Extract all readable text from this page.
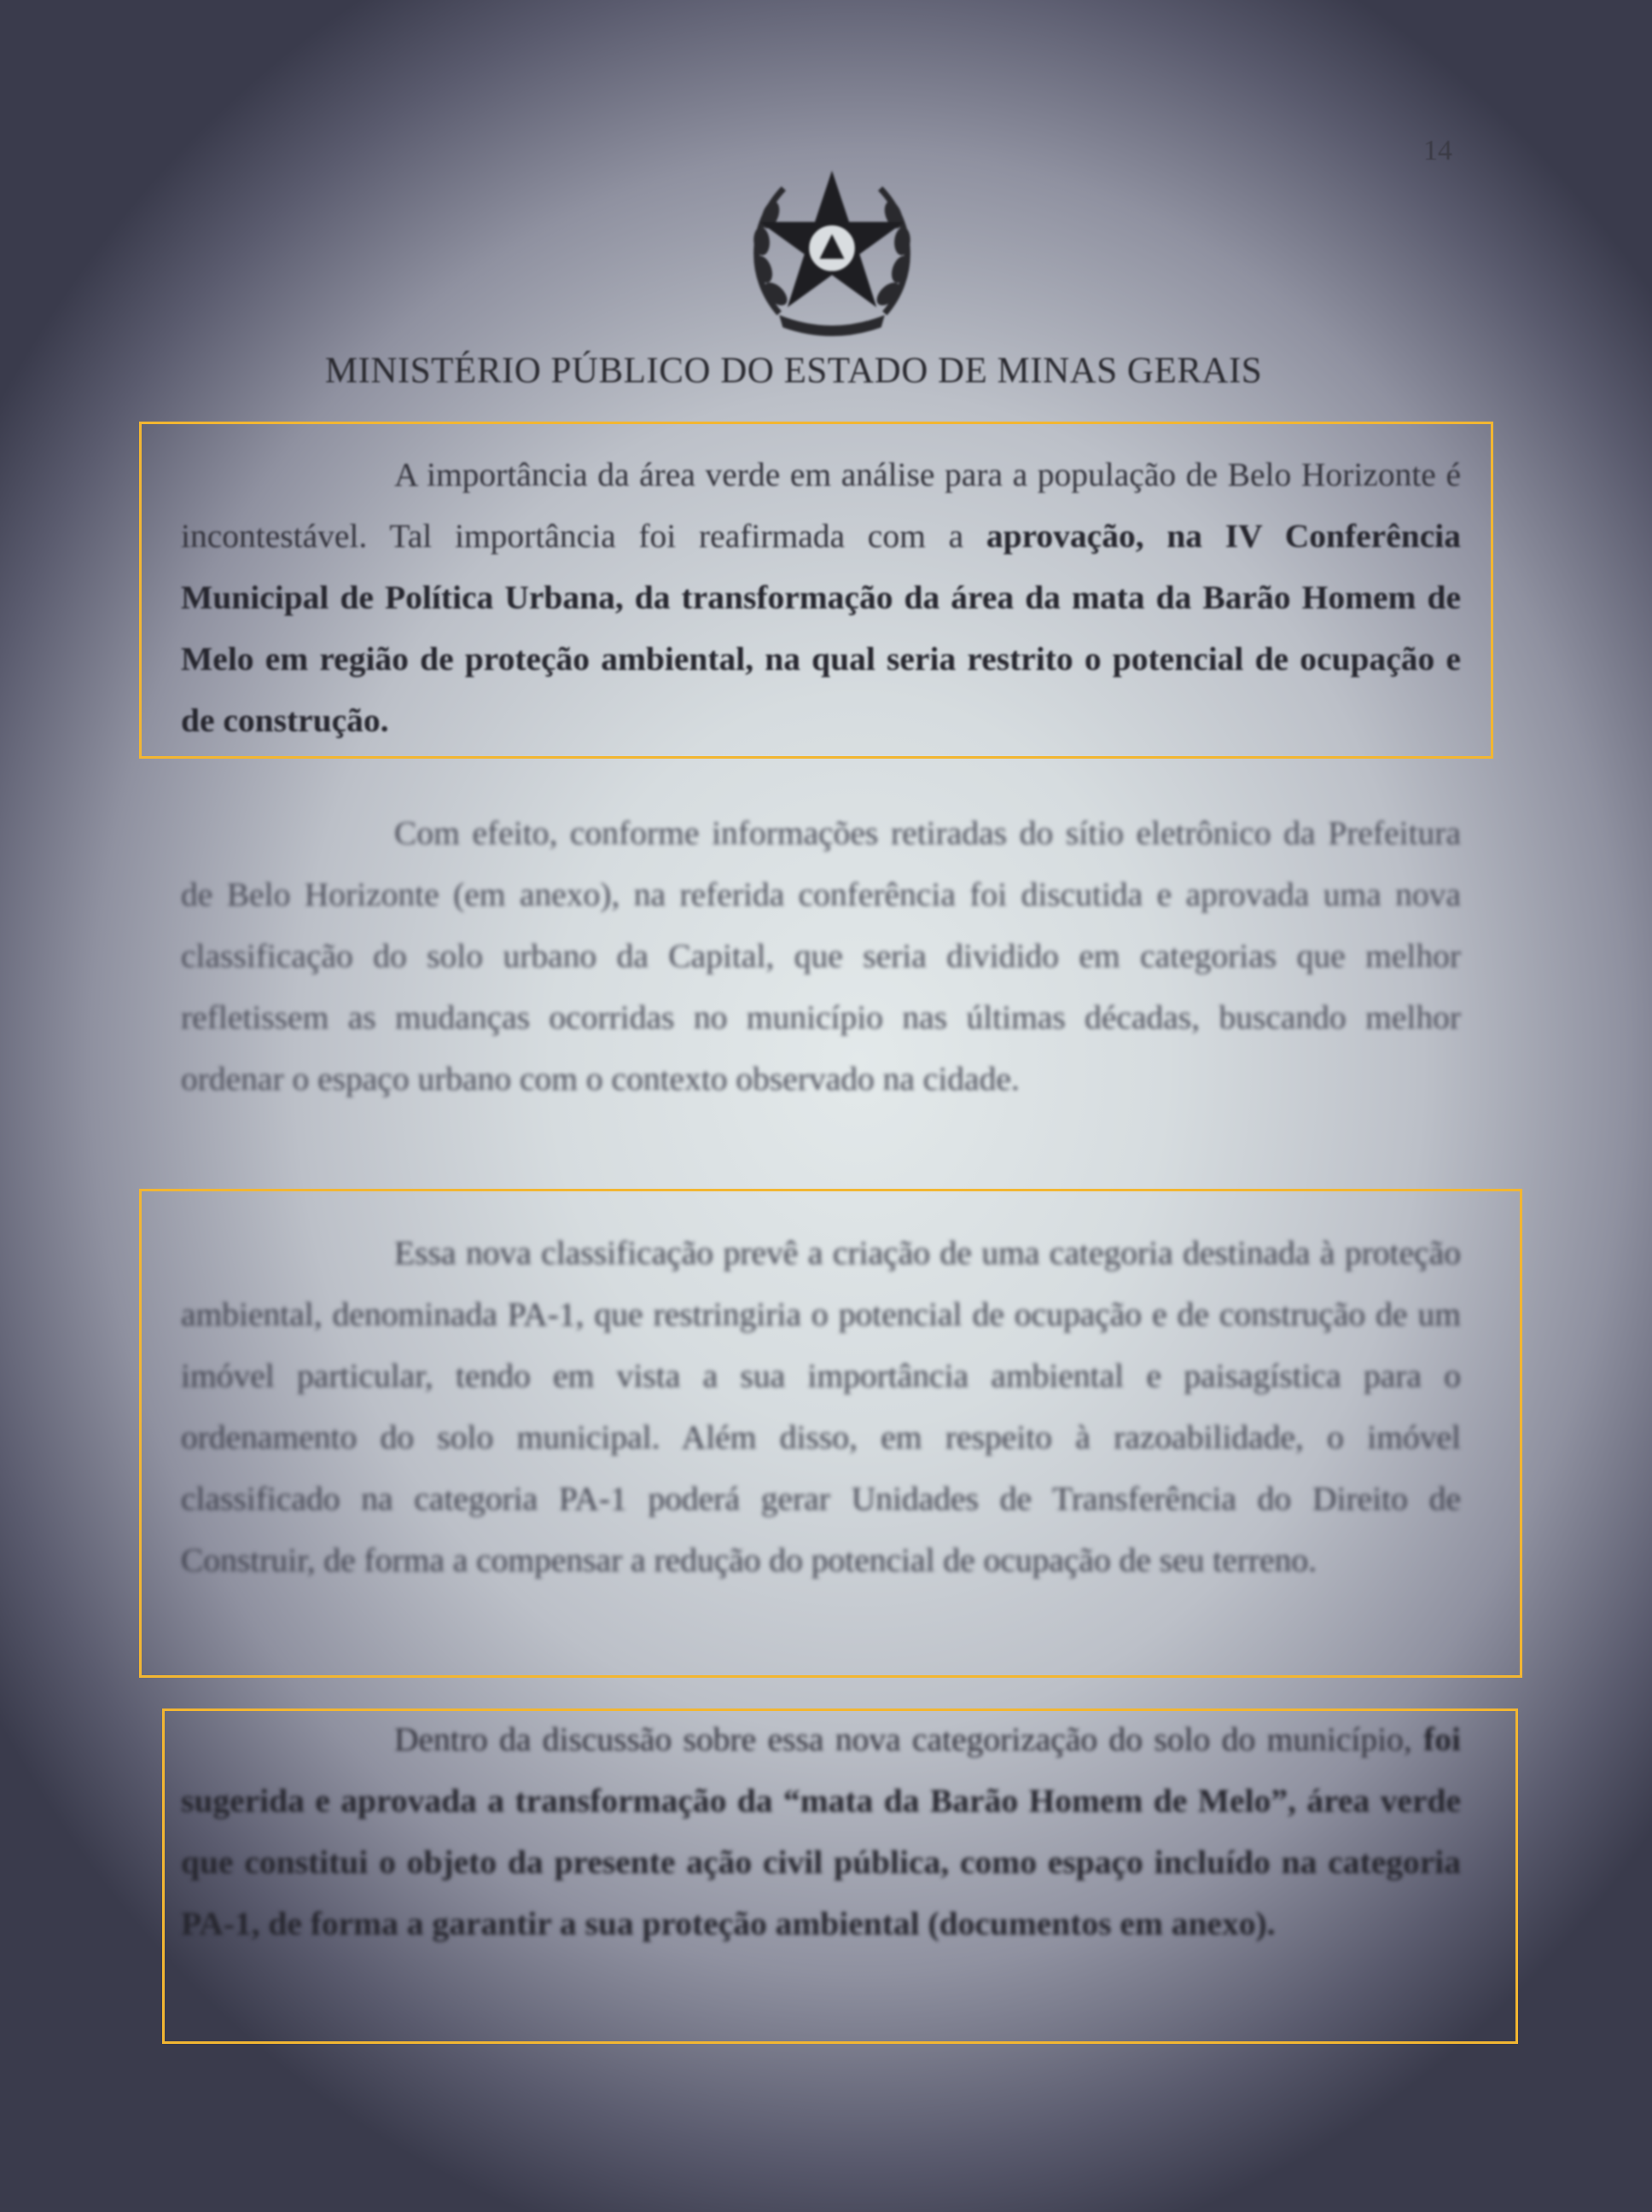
14
MINISTÉRIO PÚBLICO DO ESTADO DE MINAS GERAIS

A importância da área verde em análise para a população de Belo Horizonte é incontestável. Tal importância foi reafirmada com a aprovação, na IV Conferência Municipal de Política Urbana, da transformação da área da mata da Barão Homem de Melo em região de proteção ambiental, na qual seria restrito o potencial de ocupação e de construção.

Com efeito, conforme informações retiradas do sítio eletrônico da Prefeitura de Belo Horizonte (em anexo), na referida conferência foi discutida e aprovada uma nova classificação do solo urbano da Capital, que seria dividido em categorias que melhor refletissem as mudanças ocorridas no município nas últimas décadas, buscando melhor ordenar o espaço urbano com o contexto observado na cidade.

Essa nova classificação prevê a criação de uma categoria destinada à proteção ambiental, denominada PA-1, que restringiria o potencial de ocupação e de construção de um imóvel particular, tendo em vista a sua importância ambiental e paisagística para o ordenamento do solo municipal. Além disso, em respeito à razoabilidade, o imóvel classificado na categoria PA-1 poderá gerar Unidades de Transferência do Direito de Construir, de forma a compensar a redução do potencial de ocupação de seu terreno.

Dentro da discussão sobre essa nova categorização do solo do município, foi sugerida e aprovada a transformação da “mata da Barão Homem de Melo”, área verde que constitui o objeto da presente ação civil pública, como espaço incluído na categoria PA-1, de forma a garantir a sua proteção ambiental (documentos em anexo).
